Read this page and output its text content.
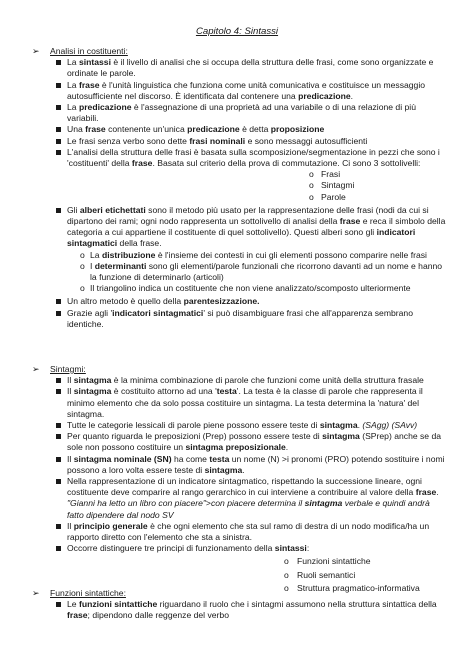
Capitolo 4: Sintassi
➢ Analisi in costituenti:
La sintassi è il livello di analisi che si occupa della struttura delle frasi, come sono organizzate e ordinate le parole.
La frase è l'unità linguistica che funziona come unità comunicativa e costituisce un messaggio autosufficiente nel discorso. È identificata dal contenere una predicazione.
La predicazione è l'assegnazione di una proprietà ad una variabile o di una relazione di più variabili.
Una frase contenente un'unica predicazione è detta proposizione
Le frasi senza verbo sono dette frasi nominali e sono messaggi autosufficienti
L'analisi della struttura delle frasi è basata sulla scomposizione/segmentazione in pezzi che sono i 'costituenti' della frase. Basata sul criterio della prova di commutazione. Ci sono 3 sottolivelli:
o Frasi
o Sintagmi
o Parole
Gli alberi etichettati sono il metodo più usato per la rappresentazione delle frasi (nodi da cui si dipartono dei rami; ogni nodo rappresenta un sottolivello di analisi della frase e reca il simbolo della categoria a cui appartiene il costituente di quel sottolivello). Questi alberi sono gli indicatori sintagmatici della frase.
o La distribuzione è l'insieme dei contesti in cui gli elementi possono comparire nelle frasi
o I determinanti sono gli elementi/parole funzionali che ricorrono davanti ad un nome e hanno la funzione di determinarlo (articoli)
o Il triangolino indica un costituente che non viene analizzato/scomposto ulteriormente
Un altro metodo è quello della parentesizzazione.
Grazie agli 'indicatori sintagmatici' si può disambiguare frasi che all'apparenza sembrano identiche.
➢ Sintagmi:
Il sintagma è la minima combinazione di parole che funzioni come unità della struttura frasale
Il sintagma è costituito attorno ad una 'testa'. La testa è la classe di parole che rappresenta il minimo elemento che da solo possa costituire un sintagma. La testa determina la 'natura' del sintagma.
Tutte le categorie lessicali di parole piene possono essere teste di sintagma. (SAgg) (SAvv)
Per quanto riguarda le preposizioni (Prep) possono essere teste di sintagma (SPrep) anche se da sole non possono costituire un sintagma preposizionale.
Il sintagma nominale (SN) ha come testa un nome (N) >i pronomi (PRO) potendo sostituire i nomi possono a loro volta essere teste di sintagma.
Nella rappresentazione di un indicatore sintagmatico, rispettando la successione lineare, ogni costituente deve comparire al rango gerarchico in cui interviene a contribuire al valore della frase. "Gianni ha letto un libro con piacere">con piacere determina il sintagma verbale e quindi andrà fatto dipendere dal nodo SV
Il principio generale è che ogni elemento che sta sul ramo di destra di un nodo modifica/ha un rapporto diretto con l'elemento che sta a sinistra.
Occorre distinguere tre principi di funzionamento della sintassi:
o Funzioni sintattiche
o Ruoli semantici
o Struttura pragmatico-informativa
➢ Funzioni sintattiche:
Le funzioni sintattiche riguardano il ruolo che i sintagmi assumono nella struttura sintattica della frase; dipendono dalle reggenze del verbo
